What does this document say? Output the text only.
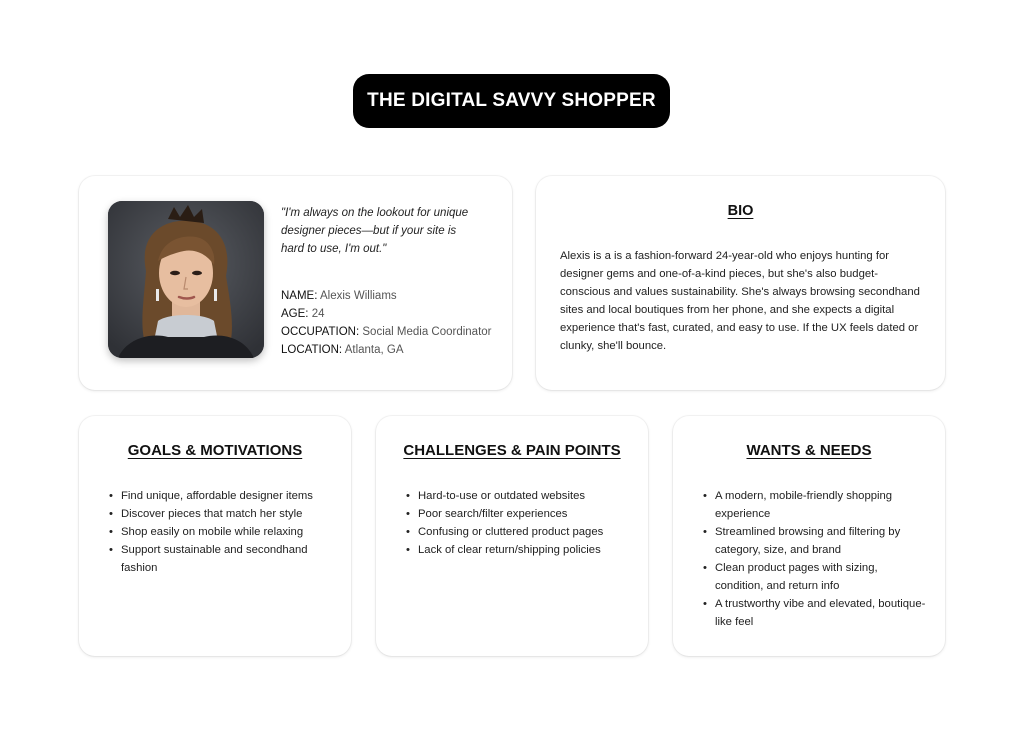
THE DIGITAL SAVVY SHOPPER
"I'm always on the lookout for unique designer pieces—but if your site is hard to use, I'm out."
NAME: Alexis Williams
AGE: 24
OCCUPATION: Social Media Coordinator
LOCATION: Atlanta, GA
BIO

Alexis is a is a fashion-forward 24-year-old who enjoys hunting for designer gems and one-of-a-kind pieces, but she's also budget-conscious and values sustainability. She's always browsing secondhand sites and local boutiques from her phone, and she expects a digital experience that's fast, curated, and easy to use. If the UX feels dated or clunky, she'll bounce.

GOALS & MOTIVATIONS
• Find unique, affordable designer items
• Discover pieces that match her style
• Shop easily on mobile while relaxing
• Support sustainable and secondhand fashion
CHALLENGES & PAIN POINTS
• Hard-to-use or outdated websites
• Poor search/filter experiences
• Confusing or cluttered product pages
• Lack of clear return/shipping policies
WANTS & NEEDS
• A modern, mobile-friendly shopping experience
• Streamlined browsing and filtering by category, size, and brand
• Clean product pages with sizing, condition, and return info
• A trustworthy vibe and elevated, boutique-like feel
